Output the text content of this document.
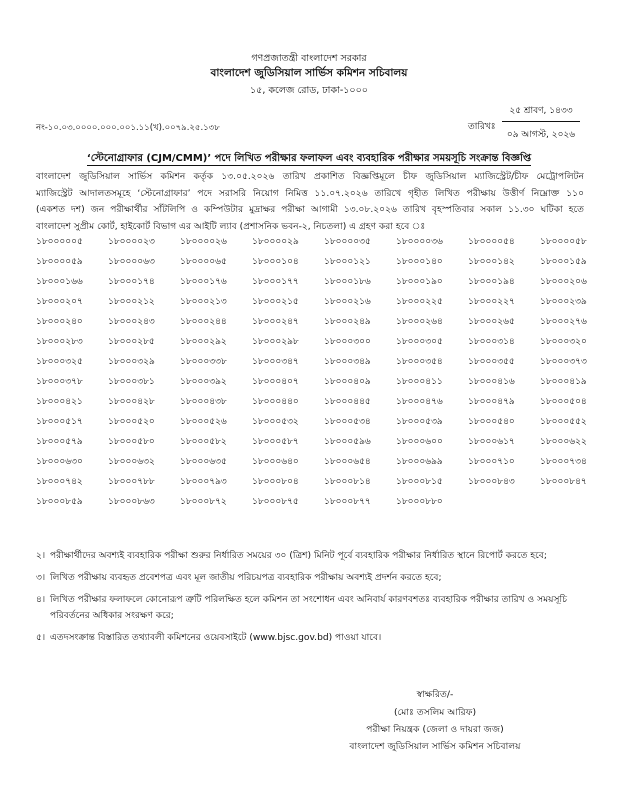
গণপ্রজাতন্ত্রী বাংলাদেশ সরকার
বাংলাদেশ জুডিসিয়াল সার্ভিস কমিশন সচিবালয়
১৫, কলেজ রোড, ঢাকা-১০০০
নং-১০.০৩.০০০০.০০০.০০১.১১(খ).০০৭৯.২৫.১৩৮	তারিখঃ
২৫ শ্রাবণ, ১৪৩৩
০৯ আগস্ট, ২০২৬
‘স্টেনোগ্রাফার (CJM/CMM)’ পদে লিখিত পরীক্ষার ফলাফল এবং ব্যবহারিক পরীক্ষার সময়সূচি সংক্রান্ত বিজ্ঞপ্তি
বাংলাদেশ জুডিসিয়াল সার্ভিস কমিশন কর্তৃক ১৩.০৫.২০২৬ তারিখ প্রকাশিত বিজ্ঞপ্তিমূলে চীফ জুডিসিয়াল ম্যাজিস্ট্রেট/চীফ মেট্রোপলিটন
ম্যাজিস্ট্রেট আদালতসমূহে ‘স্টেনোগ্রাফার’ পদে সরাসরি নিয়োগ নিমিত্ত ১১.০৭.২০২৬ তারিখে গৃহীত লিখিত পরীক্ষায় উত্তীর্ণ নিম্নোক্ত ১১০
(একশত দশ) জন পরীক্ষার্থীর সাঁটলিপি ও কম্পিউটার মুদ্রাক্ষর পরীক্ষা আগামী ১৩.০৮.২০২৬ তারিখ বৃহস্পতিবার সকাল ১১.৩০ ঘটিকা হতে
বাংলাদেশ সুপ্রীম কোর্ট, হাইকোর্ট বিভাগ এর আইটি ল্যাব (প্রশাসনিক ভবন-২, নিচতলা) এ গ্রহণ করা হবে ঃ
১৮০০০০০৫	১৮০০০০২৩	১৮০০০০২৬	১৮০০০০২৯	১৮০০০০৩৫	১৮০০০০৩৬	১৮০০০০৫৪	১৮০০০০৫৮
১৮০০০০৫৯	১৮০০০০৬৩	১৮০০০০৬৫	১৮০০০১০৪	১৮০০০১২১	১৮০০০১৪০	১৮০০০১৪২	১৮০০০১৫৯
১৮০০০১৬৬	১৮০০০১৭৪	১৮০০০১৭৬	১৮০০০১৭৭	১৮০০০১৮৬	১৮০০০১৯০	১৮০০০১৯৪	১৮০০০২০৬
১৮০০০২০৭	১৮০০০২১২	১৮০০০২১৩	১৮০০০২১৫	১৮০০০২১৬	১৮০০০২২৫	১৮০০০২২৭	১৮০০০২৩৯
১৮০০০২৪০	১৮০০০২৪৩	১৮০০০২৪৪	১৮০০০২৪৭	১৮০০০২৪৯	১৮০০০২৬৪	১৮০০০২৬৫	১৮০০০২৭৬
১৮০০০২৮৩	১৮০০০২৮৫	১৮০০০২৯২	১৮০০০২৯৮	১৮০০০৩০০	১৮০০০৩০৫	১৮০০০৩১৪	১৮০০০৩২০
১৮০০০৩২৫	১৮০০০৩২৯	১৮০০০৩৩৮	১৮০০০৩৪৭	১৮০০০৩৪৯	১৮০০০৩৫৪	১৮০০০৩৫৫	১৮০০০৩৭৩
১৮০০০৩৭৮	১৮০০০৩৮১	১৮০০০৩৯২	১৮০০০৪০৭	১৮০০০৪০৯	১৮০০০৪১১	১৮০০০৪১৬	১৮০০০৪১৯
১৮০০০৪২১	১৮০০০৪২৮	১৮০০০৪৩৮	১৮০০০৪৪০	১৮০০০৪৪৫	১৮০০০৪৭৬	১৮০০০৪৭৯	১৮০০০৫০৪
১৮০০০৫১৭	১৮০০০৫২০	১৮০০০৫২৬	১৮০০০৫৩২	১৮০০০৫৩৪	১৮০০০৫৩৯	১৮০০০৫৪০	১৮০০০৫৫২
১৮০০০৫৭৯	১৮০০০৫৮০	১৮০০০৫৮২	১৮০০০৫৮৭	১৮০০০৫৯৬	১৮০০০৬০০	১৮০০০৬১৭	১৮০০০৬২২
১৮০০০৬৩০	১৮০০০৬৩২	১৮০০০৬৩৫	১৮০০০৬৪০	১৮০০০৬৫৪	১৮০০০৬৯৯	১৮০০০৭১০	১৮০০০৭৩৪
১৮০০০৭৪২	১৮০০০৭৮৮	১৮০০০৭৯৩	১৮০০০৮০৪	১৮০০০৮১৪	১৮০০০৮১৫	১৮০০০৮৪৩	১৮০০০৮৪৭
১৮০০০৮৫৯	১৮০০০৮৬৩	১৮০০০৮৭২	১৮০০০৮৭৫	১৮০০০৮৭৭	১৮০০০৮৮০
২। পরীক্ষার্থীদের অবশ্যই ব্যবহারিক পরীক্ষা শুরুর নির্ধারিত সময়ের ৩০ (ত্রিশ) মিনিট পূর্বে ব্যবহারিক পরীক্ষার নির্ধারিত স্থানে রিপোর্ট করতে হবে;
৩। লিখিত পরীক্ষায় ব্যবহৃত প্রবেশপত্র এবং মূল জাতীয় পরিচয়পত্র ব্যবহারিক পরীক্ষায় অবশ্যই প্রদর্শন করতে হবে;
৪। লিখিত পরীক্ষার ফলাফলে কোনোরূপ ত্রুটি পরিলক্ষিত হলে কমিশন তা সংশোধন এবং অনিবার্য কারণবশতঃ ব্যবহারিক পরীক্ষার তারিখ ও সময়সূচি পরিবর্তনের অধিকার সংরক্ষণ করে;
৫। এতদসংক্রান্ত বিস্তারিত তথ্যাবলী কমিশনের ওয়েবসাইটে (www.bjsc.gov.bd) পাওয়া যাবে।
স্বাক্ষরিত/-
(মোঃ তসলিম আরিফ)
পরীক্ষা নিয়ন্ত্রক (জেলা ও দায়রা জজ)
বাংলাদেশ জুডিসিয়াল সার্ভিস কমিশন সচিবালয়
